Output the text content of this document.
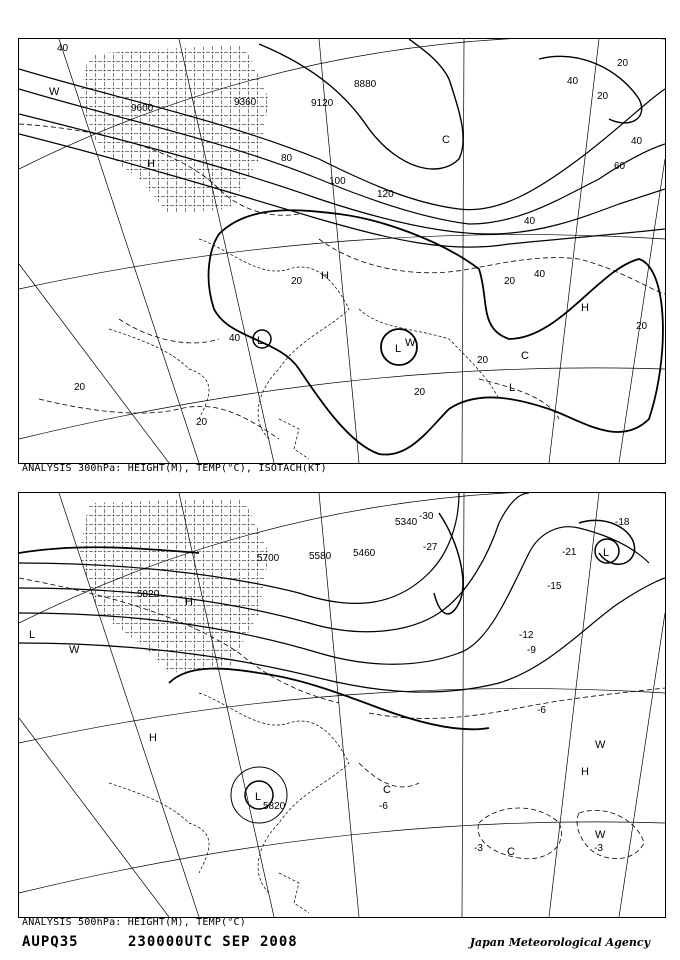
9600
9360	9120
8880
40
20
40
20
100
120
80
60
40
40
20
20
40
20
20
20
20
20
40
L
L
H
H
H
W
W
C
L
C
ANALYSIS 300hPa: HEIGHT(M), TEMP(°C), ISOTACH(KT)
5820
5700	5580 5460
5340
5820
-12
-9
-6
-15
-18
-21
-27
-30
-3
-3
-6
L
L
L
H
H
H
W
W
W
C
C
ANALYSIS 500hPa: HEIGHT(M), TEMP(°C)
AUPQ35	230000UTC SEP 2008	Japan Meteorological Agency
